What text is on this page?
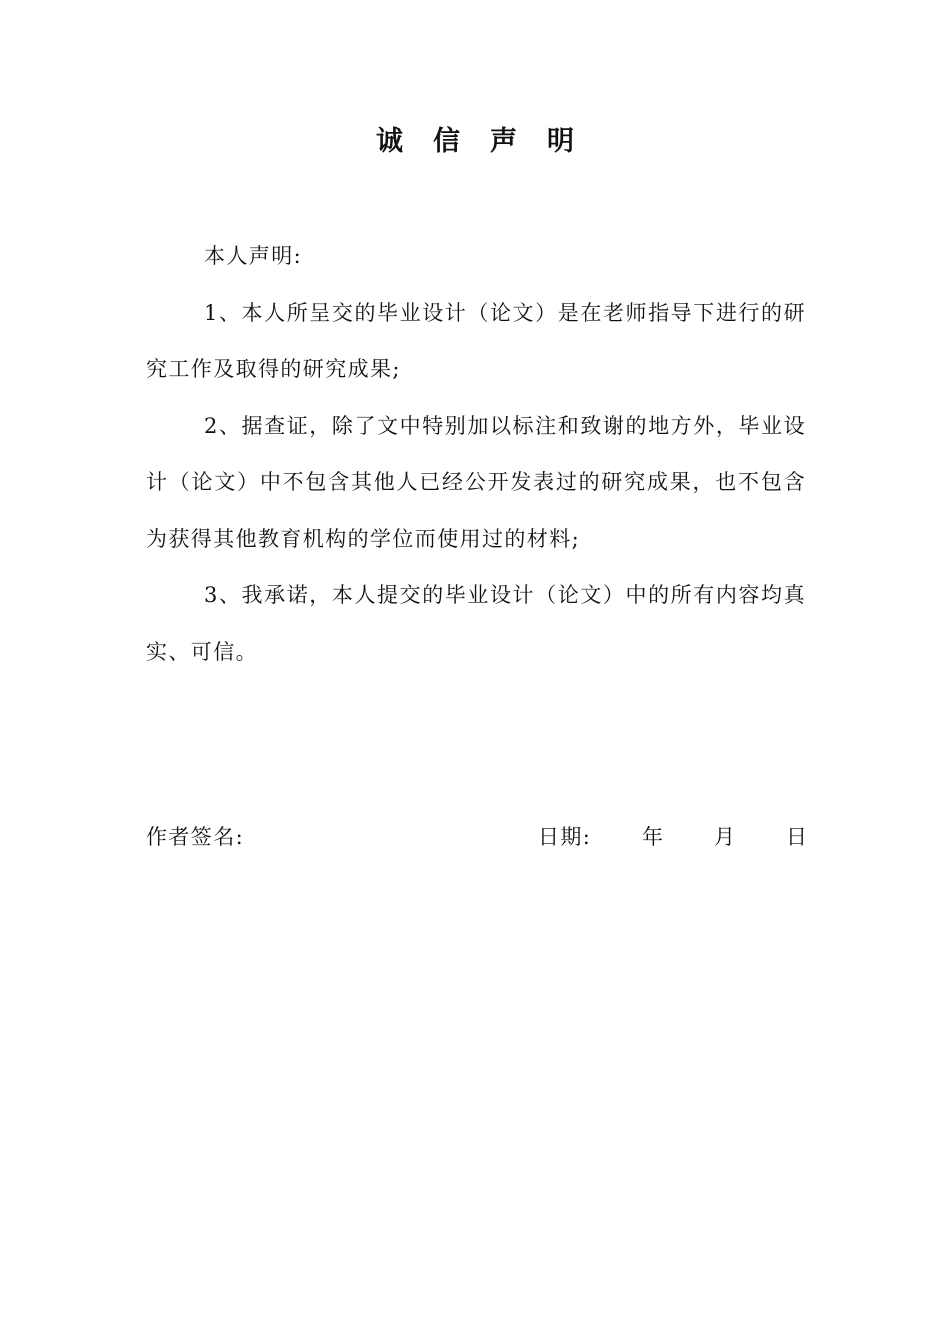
诚信声明

本人声明:

1、本人所呈交的毕业设计（论文）是在老师指导下进行的研究工作及取得的研究成果;

2、据查证，除了文中特别加以标注和致谢的地方外，毕业设计（论文）中不包含其他人已经公开发表过的研究成果，也不包含为获得其他教育机构的学位而使用过的材料;

3、我承诺，本人提交的毕业设计（论文）中的所有内容均真实、可信。

作者签名:	日期: 年 月 日
